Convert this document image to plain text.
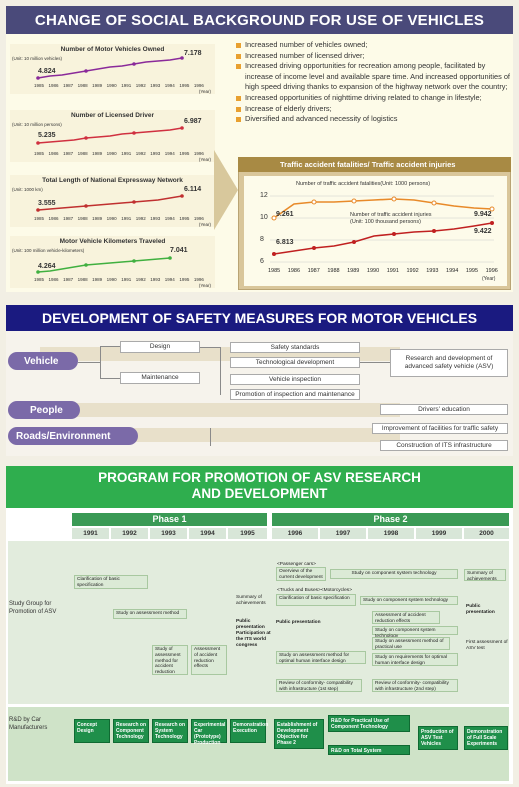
CHANGE OF SOCIAL BACKGROUND FOR USE OF VEHICLES
Number of Motor Vehicles Owned
(Unit: 10 million vehicles)
4.824
7.178
1985 1986 1987 1988 1989 1990 1991 1992 1993 1994 1995 1996
(Year)
Number of Licensed Driver
(Unit: 10 million persons)
5.235
6.987
1985 1986 1987 1988 1989 1990 1991 1992 1993 1994 1995 1996
(Year)
Total Length of National Expressway Network
(Unit: 1000 km)
3.555
6.114
1985 1986 1987 1988 1989 1990 1991 1992 1993 1994 1995 1996
(Year)
Motor Vehicle Kilometers Traveled
(Unit: 100 million vehicle-kilometers)
4.264
7.041
1985 1986 1987 1988 1989 1990 1991 1992 1993 1994 1995 1996
(Year)
Increased number of vehicles owned;
Increased number of licensed driver;
Increased driving opportunities for recreation among people, facilitated by increase of income level and available spare time. And increased opportunities of high speed driving thanks to expansion of the highway network over the country;
Increased opportunities of nighttime driving related to change in lifestyle;
Increase of elderly drivers;
Diversified and advanced necessity of logistics
Traffic accident fatalities/ Traffic accident injuries
12
10
8
6
Number of traffic accident fatalities(Unit: 1000 persons)
Number of traffic accident injuries
(Unit: 100 thousand persons)
9.261	9.942
6.813
9.422
1985 1986 1987 1988 1989 1990 1991 1992 1993 1994 1995 1996
(Year)
DEVELOPMENT OF SAFETY MEASURES FOR MOTOR VEHICLES
Vehicle
People
Roads/Environment
Design
Maintenance
Safety standards
Technological development
Vehicle inspection
Promotion of inspection and maintenance
Research and development of advanced safety vehicle (ASV)
Drivers' education
Improvement of facilities for traffic safety
Construction of ITS infrastructure
PROGRAM FOR PROMOTION OF ASV RESEARCH
AND DEVELOPMENT
Phase 1	Phase 2
1991	1992	1993	1994	1995	1996	1997	1998	1999	2000
Study Group for Promotion of ASV
R&D by Car Manufacturers
Clarification of basic specification
Study on assessment method
Study of assessment method for accident reduction
Assessment of accident reduction effects
Summary of achievements
<Passenger cars>
Overview of the current development
Study on component system technology	Summary of achievements
<Trucks and Buses><Motorcycles>
Clarification of basic specification	Study on component system technology
Assessment of accident reduction effects
Study on component system
Study on assessment method of practical use
Study on assessment method for optimal human interface design
Study on requirements for optimal human interface design
First assessment of ASV test
Review of conformity- compatibility with infrastructure (1st step)
Review of conformity- compatibility with infrastructure (2nd step)
Public presentation
Public presentation
Participation at the ITS world congress
Public presentation
Concept Design
Research on Component Technology
Research on System Technology
Experimental Car (Prototype) Production
Demonstration Execution
Establishment of Development Objective for Phase 2
R&D for Practical Use of Component Technology
R&D on Total System
Production of ASV Test Vehicles
Demonstration of Full Scale Experiments
